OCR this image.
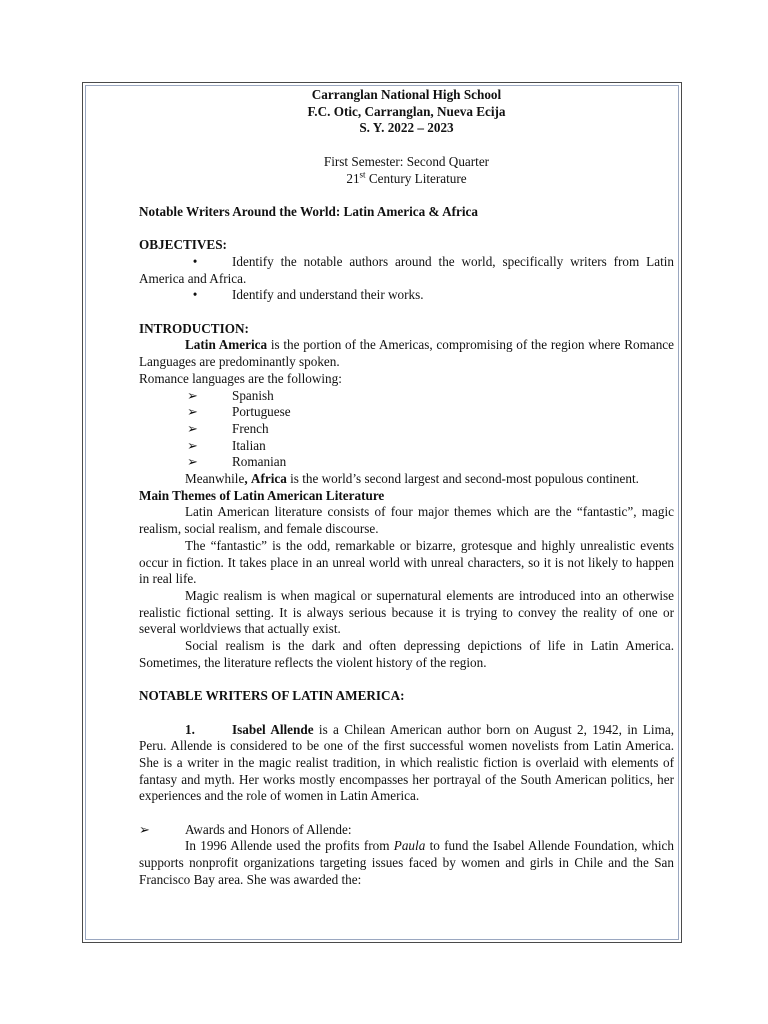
Carranglan National High School
F.C. Otic, Carranglan, Nueva Ecija
S. Y. 2022 – 2023
First Semester: Second Quarter
21st Century Literature
Notable Writers Around the World: Latin America & Africa
OBJECTIVES:
•	Identify the notable authors around the world, specifically writers from Latin America and Africa.
•	Identify and understand their works.
INTRODUCTION:
Latin America is the portion of the Americas, compromising of the region where Romance Languages are predominantly spoken.
Romance languages are the following:
➢	Spanish
➢	Portuguese
➢	French
➢	Italian
➢	Romanian
Meanwhile, Africa is the world’s second largest and second-most populous continent.
Main Themes of Latin American Literature
Latin American literature consists of four major themes which are the “fantastic”, magic realism, social realism, and female discourse.
The “fantastic” is the odd, remarkable or bizarre, grotesque and highly unrealistic events occur in fiction. It takes place in an unreal world with unreal characters, so it is not likely to happen in real life.
Magic realism is when magical or supernatural elements are introduced into an otherwise realistic fictional setting. It is always serious because it is trying to convey the reality of one or several worldviews that actually exist.
Social realism is the dark and often depressing depictions of life in Latin America. Sometimes, the literature reflects the violent history of the region.
NOTABLE WRITERS OF LATIN AMERICA:
1.	Isabel Allende is a Chilean American author born on August 2, 1942, in Lima, Peru. Allende is considered to be one of the first successful women novelists from Latin America. She is a writer in the magic realist tradition, in which realistic fiction is overlaid with elements of fantasy and myth. Her works mostly encompasses her portrayal of the South American politics, her experiences and the role of women in Latin America.
➢	Awards and Honors of Allende:
In 1996 Allende used the profits from Paula to fund the Isabel Allende Foundation, which supports nonprofit organizations targeting issues faced by women and girls in Chile and the San Francisco Bay area. She was awarded the:
